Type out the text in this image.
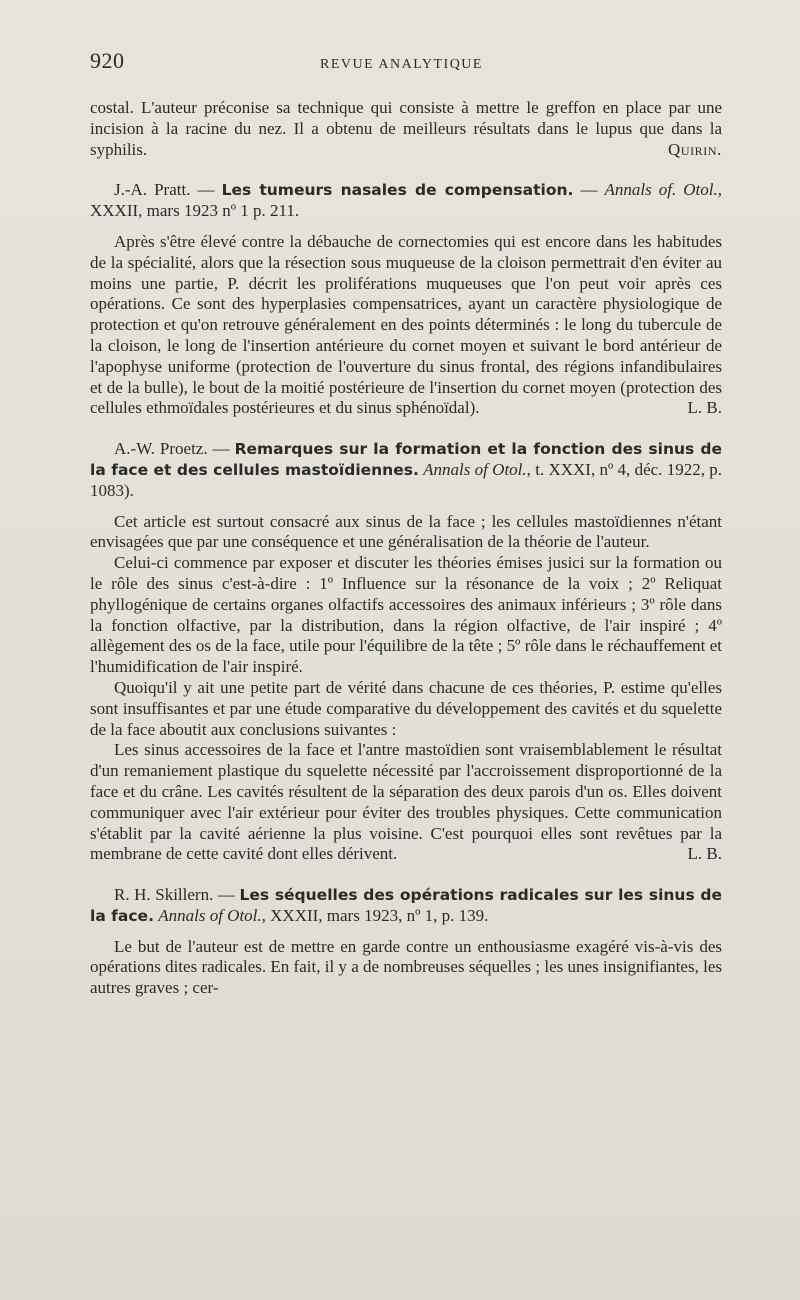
920	REVUE ANALYTIQUE

costal. L'auteur préconise sa technique qui consiste à mettre le greffon en place par une incision à la racine du nez. Il a obtenu de meilleurs résultats dans le lupus que dans la syphilis.	Quirin.

J.-A. Pratt. — Les tumeurs nasales de compensation. — Annals of. Otol., XXXII, mars 1923 nº 1 p. 211.

Après s'être élevé contre la débauche de cornectomies qui est encore dans les habitudes de la spécialité, alors que la résection sous muqueuse de la cloison permettrait d'en éviter au moins une partie, P. décrit les proliférations muqueuses que l'on peut voir après ces opérations. Ce sont des hyperplasies compensatrices, ayant un caractère physiologique de protection et qu'on retrouve généralement en des points déterminés : le long du tubercule de la cloison, le long de l'insertion antérieure du cornet moyen et suivant le bord antérieur de l'apophyse uniforme (protection de l'ouverture du sinus frontal, des régions infandibulaires et de la bulle), le bout de la moitié postérieure de l'insertion du cornet moyen (protection des cellules ethmoïdales postérieures et du sinus sphénoïdal).	L. B.

A.-W. Proetz. — Remarques sur la formation et la fonction des sinus de la face et des cellules mastoïdiennes. Annals of Otol., t. XXXI, nº 4, déc. 1922, p. 1083).

Cet article est surtout consacré aux sinus de la face ; les cellules mastoïdiennes n'étant envisagées que par une conséquence et une généralisation de la théorie de l'auteur.

Celui-ci commence par exposer et discuter les théories émises jusici sur la formation ou le rôle des sinus c'est-à-dire : 1º Influence sur la résonance de la voix ; 2º Reliquat phyllogénique de certains organes olfactifs accessoires des animaux inférieurs ; 3º rôle dans la fonction olfactive, par la distribution, dans la région olfactive, de l'air inspiré ; 4º allègement des os de la face, utile pour l'équilibre de la tête ; 5º rôle dans le réchauffement et l'humidification de l'air inspiré.

Quoiqu'il y ait une petite part de vérité dans chacune de ces théories, P. estime qu'elles sont insuffisantes et par une étude comparative du développement des cavités et du squelette de la face aboutit aux conclusions suivantes :

Les sinus accessoires de la face et l'antre mastoïdien sont vraisemblablement le résultat d'un remaniement plastique du squelette nécessité par l'accroissement disproportionné de la face et du crâne. Les cavités résultent de la séparation des deux parois d'un os. Elles doivent communiquer avec l'air extérieur pour éviter des troubles physiques. Cette communication s'établit par la cavité aérienne la plus voisine. C'est pourquoi elles sont revêtues par la membrane de cette cavité dont elles dérivent.	L. B.

R. H. Skillern. — Les séquelles des opérations radicales sur les sinus de la face. Annals of Otol., XXXII, mars 1923, nº 1, p. 139.

Le but de l'auteur est de mettre en garde contre un enthousiasme exagéré vis-à-vis des opérations dites radicales. En fait, il y a de nombreuses séquelles ; les unes insignifiantes, les autres graves ; cer-
